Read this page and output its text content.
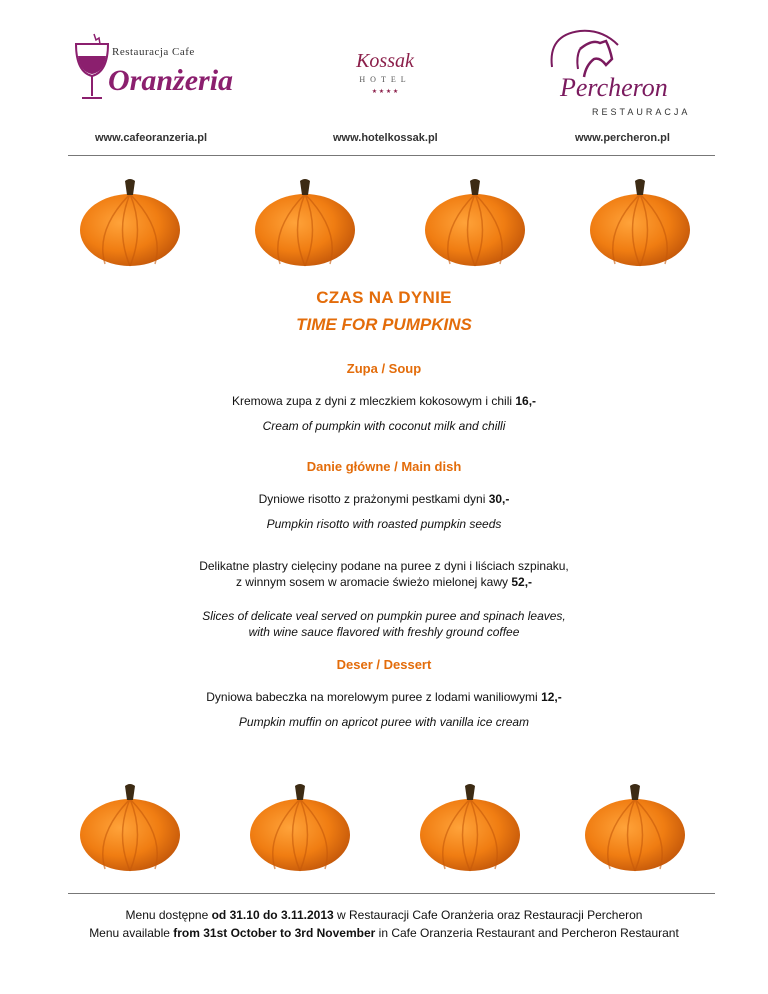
Restauracja Cafe
Oranżeria
Kossak
HOTEL
★ ★ ★ ★	Percheron
RESTAURACJA
www.cafeoranzeria.pl	www.hotelkossak.pl	www.percheron.pl
CZAS NA DYNIE
TIME FOR PUMPKINS
Zupa / Soup
Kremowa zupa z dyni z mleczkiem kokosowym i chili 16,-
Cream of pumpkin with coconut milk and chilli
Danie główne / Main dish
Dyniowe risotto z prażonymi pestkami dyni 30,-
Pumpkin risotto with roasted pumpkin seeds
Delikatne plastry cielęciny podane na puree z dyni i liściach szpinaku,
z winnym sosem w aromacie świeżo mielonej kawy 52,-
Slices of delicate veal served on pumpkin puree and spinach leaves,
with wine sauce flavored with freshly ground coffee
Deser / Dessert
Dyniowa babeczka na morelowym puree z lodami waniliowymi 12,-
Pumpkin muffin on apricot puree with vanilla ice cream
Menu dostępne od 31.10 do 3.11.2013 w Restauracji Cafe Oranżeria oraz Restauracji Percheron
Menu available from 31st October to 3rd November in Cafe Oranzeria Restaurant and Percheron Restaurant
